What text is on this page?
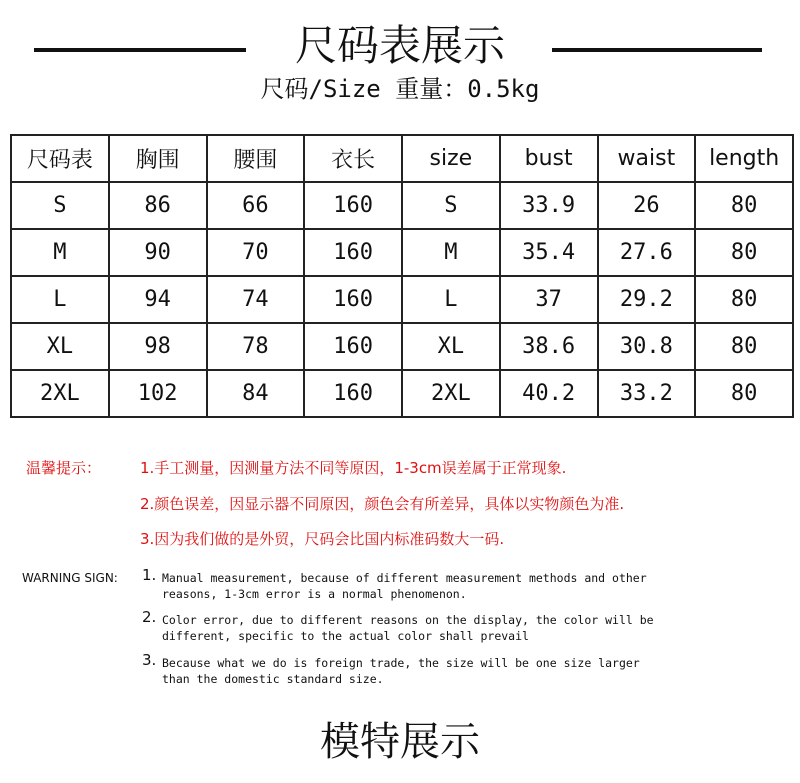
尺码表展示
尺码/Size 重量：0.5kg
尺码表	胸围	腰围	衣长	size	bust	waist	length
S	86	66	160	S	33.9	26	80
M	90	70	160	M	35.4	27.6	80
L	94	74	160	L	37	29.2	80
XL	98	78	160	XL	38.6	30.8	80
2XL	102	84	160	2XL	40.2	33.2	80
温馨提示：	1.手工测量，因测量方法不同等原因，1-3cm误差属于正常现象.
2.颜色误差，因显示器不同原因，颜色会有所差异，具体以实物颜色为准.
3.因为我们做的是外贸，尺码会比国内标准码数大一码.
WARNING SIGN: 1. Manual measurement, because of different measurement methods and other
reasons, 1-3cm error is a normal phenomenon.
2. Color error, due to different reasons on the display, the color will be
different, specific to the actual color shall prevail
3. Because what we do is foreign trade, the size will be one size larger
than the domestic standard size.
模特展示
